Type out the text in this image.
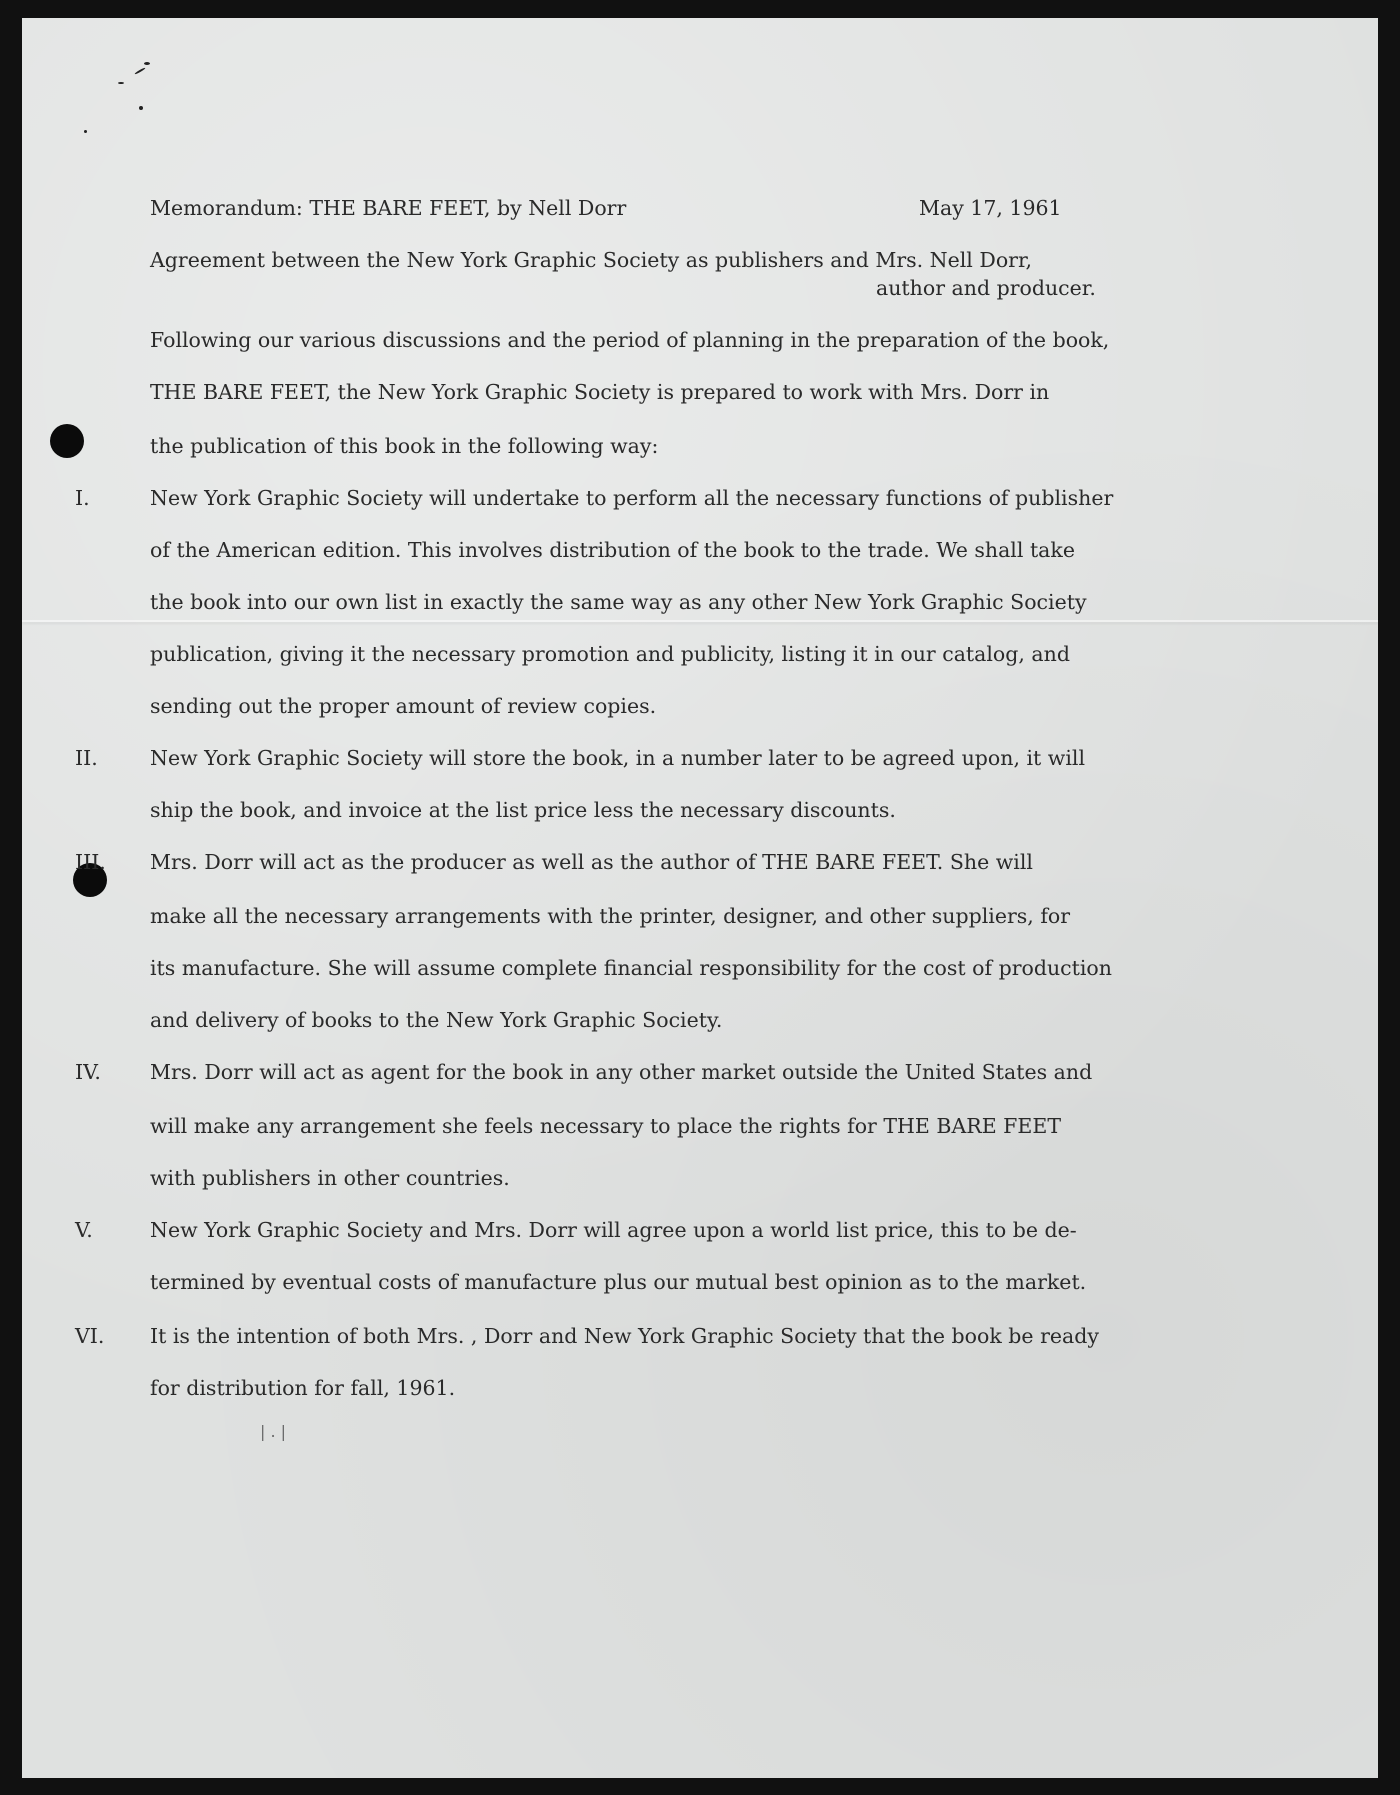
Memorandum: THE BARE FEET, by Nell Dorr	May 17, 1961
Agreement between the New York Graphic Society as publishers and Mrs. Nell Dorr,
author and producer.
Following our various discussions and the period of planning in the preparation of the book,
THE BARE FEET, the New York Graphic Society is prepared to work with Mrs. Dorr in
the publication of this book in the following way:
I.	New York Graphic Society will undertake to perform all the necessary functions of publisher
of the American edition. This involves distribution of the book to the trade. We shall take
the book into our own list in exactly the same way as any other New York Graphic Society
publication, giving it the necessary promotion and publicity, listing it in our catalog, and
sending out the proper amount of review copies.
II.	New York Graphic Society will store the book, in a number later to be agreed upon, it will
ship the book, and invoice at the list price less the necessary discounts.
III. Mrs. Dorr will act as the producer as well as the author of THE BARE FEET. She will
make all the necessary arrangements with the printer, designer, and other suppliers, for
its manufacture. She will assume complete financial responsibility for the cost of production
and delivery of books to the New York Graphic Society.
IV. Mrs. Dorr will act as agent for the book in any other market outside the United States and
will make any arrangement she feels necessary to place the rights for THE BARE FEET
with publishers in other countries.
V.	New York Graphic Society and Mrs. Dorr will agree upon a world list price, this to be de-
termined by eventual costs of manufacture plus our mutual best opinion as to the market.
VI. It is the intention of both Mrs. , Dorr and New York Graphic Society that the book be ready
for distribution for fall, 1961.
| . |
